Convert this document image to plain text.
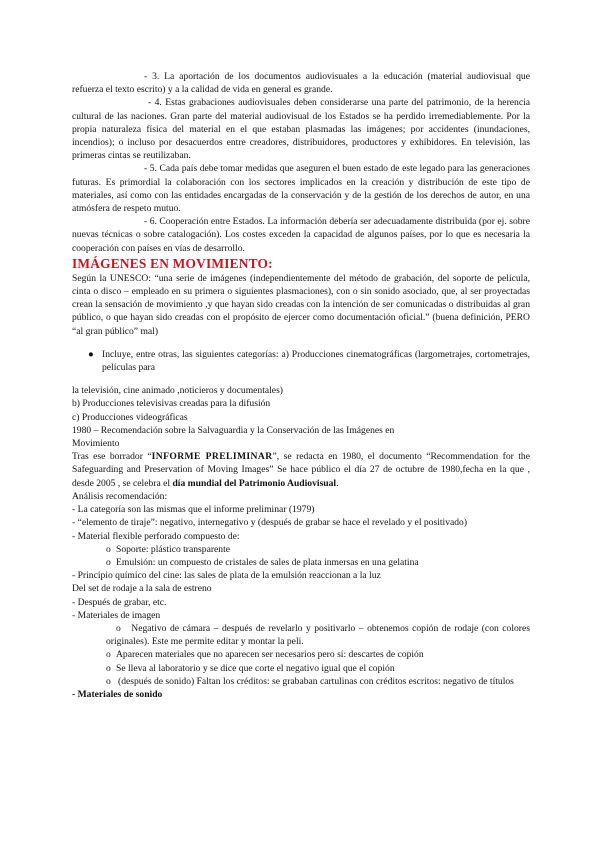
- 3. La aportación de los documentos audiovisuales a la educación (material audiovisual que refuerza el texto escrito) y a la calidad de vida en general es grande.

- 4. Estas grabaciones audiovisuales deben considerarse una parte del patrimonio, de la herencia cultural de las naciones. Gran parte del material audiovisual de los Estados se ha perdido irremediablemente. Por la propia naturaleza física del material en el que estaban plasmadas las imágenes; por accidentes (inundaciones, incendios); o incluso por desacuerdos entre creadores, distribuidores, productores y exhibidores. En televisión, las primeras cintas se reutilizaban.

- 5. Cada país debe tomar medidas que aseguren el buen estado de este legado para las generaciones futuras. Es primordial la colaboración con los sectores implicados en la creación y distribución de este tipo de materiales, así como con las entidades encargadas de la conservación y de la gestión de los derechos de autor, en una atmósfera de respeto mutuo.

- 6. Cooperación entre Estados. La información debería ser adecuadamente distribuida (por ej. sobre nuevas técnicas o sobre catalogación). Los costes exceden la capacidad de algunos países, por lo que es necesaria la cooperación con países en vías de desarrollo.

IMÁGENES EN MOVIMIENTO:

Según la UNESCO: “una serie de imágenes (independientemente del método de grabación, del soporte de película, cinta o disco – empleado en su primera o siguientes plasmaciones), con o sin sonido asociado, que, al ser proyectadas crean la sensación de movimiento ,y que hayan sido creadas con la intención de ser comunicadas o distribuidas al gran público, o que hayan sido creadas con el propósito de ejercer como documentación oficial.” (buena definición, PERO “al gran público” mal)

● Incluye, entre otras, las siguientes categorías: a) Producciones cinematográficas (largometrajes, cortometrajes, películas para

la televisión, cine animado ,noticieros y documentales)

b) Producciones televisivas creadas para la difusión

c) Producciones videográficas

1980 – Recomendación sobre la Salvaguardia y la Conservación de las Imágenes en Movimiento

Tras ese borrador “INFORME PRELIMINAR”, se redacta en 1980, el documento “Recommendation for the Safeguarding and Preservation of Moving Images” Se hace público el día 27 de octubre de 1980,fecha en la que , desde 2005 , se celebra el día mundial del Patrimonio Audiovisual.

Análisis recomendación:

- La categoría son las mismas que el informe preliminar (1979)

- “elemento de tiraje”: negativo, internegativo y (después de grabar se hace el revelado y el positivado)

- Material flexible perforado compuesto de:

o Soporte: plástico transparente
o Emulsión: un compuesto de cristales de sales de plata inmersas en una gelatina

- Principio químico del cine: las sales de plata de la emulsión reaccionan a la luz

Del set de rodaje a la sala de estreno

- Después de grabar, etc.

- Materiales de imagen

o Negativo de cámara – después de revelarlo y positivarlo – obtenemos copión de rodaje (con colores originales). Este me permite editar y montar la peli.

o Aparecen materiales que no aparecen ser necesarios pero sí: descartes de copión
o Se lleva al laboratorio y se dice que corte el negativo igual que el copión

o (después de sonido) Faltan los créditos: se grababan cartulinas con créditos escritos: negativo de títulos

- Materiales de sonido
